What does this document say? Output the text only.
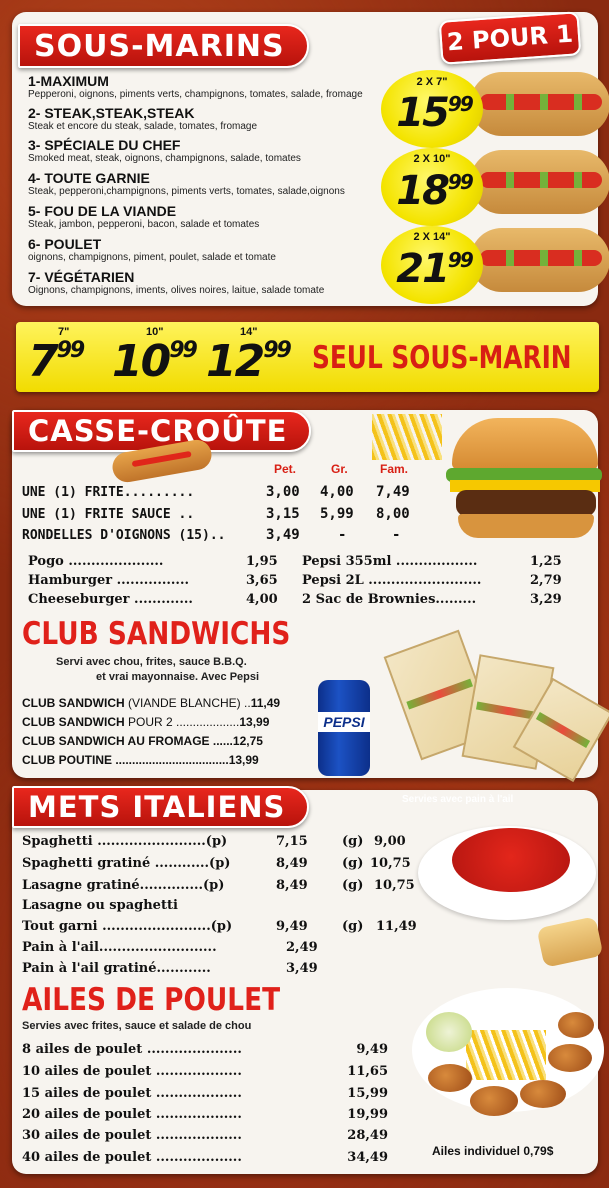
SOUS-MARINS	2 POUR 1
1-MAXIMUM
Pepperoni, oignons, piments verts, champignons, tomates, salade, fromage
2- STEAK,STEAK,STEAK
Steak et encore du steak, salade, tomates, fromage
3- SPÉCIALE DU CHEF
Smoked meat, steak, oignons, champignons, salade, tomates
4- TOUTE GARNIE
Steak, pepperoni,champignons, piments verts, tomates, salade,oignons
5- FOU DE LA VIANDE
Steak, jambon, pepperoni, bacon, salade et tomates
6- POULET
oignons, champignons, piment, poulet, salade et tomate
7- VÉGÉTARIEN
Oignons, champignons, iments, olives noires, laitue, salade tomate
2 X 7"
$15^{99}$
2 X 10"
$18^{99}$
2 X 14"
$21^{99}$
7"	10"	14"
$7^{99}$ $10^{99}$ $12^{99}$ SEUL SOUS-MARIN
CASSE-CROÛTE
Pet.	Gr.	Fam.
UNE (1) FRITE.........	3,00 4,00 7,49
UNE (1) FRITE SAUCE ..	3,15 5,99 8,00
RONDELLES D'OIGNONS (15)..	3,49	-	-
Pogo .....................	1,95
Hamburger ................	3,65
Cheeseburger .............	4,00
Pepsi 355ml ..................	1,25
Pepsi 2L .........................	2,79
2 Sac de Brownies.........	3,29
CLUB SANDWICHS
Servi avec chou, frites, sauce B.B.Q.
et vrai mayonnaise. Avec Pepsi
CLUB SANDWICH (VIANDE BLANCHE) ..11,49
CLUB SANDWICH POUR 2 ...................13,99
CLUB SANDWICH AU FROMAGE ......12,75
CLUB POUTINE ..................................13,99
PEPSI
METS ITALIENS	Servies avec pain à l'ail
Spaghetti ........................(p)	7,15	(g) 9,00
Spaghetti gratiné ............(p)	8,49	(g) 10,75
Lasagne gratiné..............(p)	8,49	(g) 10,75
Lasagne ou spaghetti
Tout garni ........................(p)	9,49	(g) 11,49
Pain à l'ail..........................	2,49
Pain à l'ail gratiné............	3,49
AILES DE POULET
Servies avec frites, sauce et salade de chou
8 ailes de poulet .....................	9,49
10 ailes de poulet ...................	11,65
15 ailes de poulet ...................	15,99
20 ailes de poulet ...................	19,99
30 ailes de poulet ...................	28,49
40 ailes de poulet ...................	34,49	Ailes individuel 0,79$
